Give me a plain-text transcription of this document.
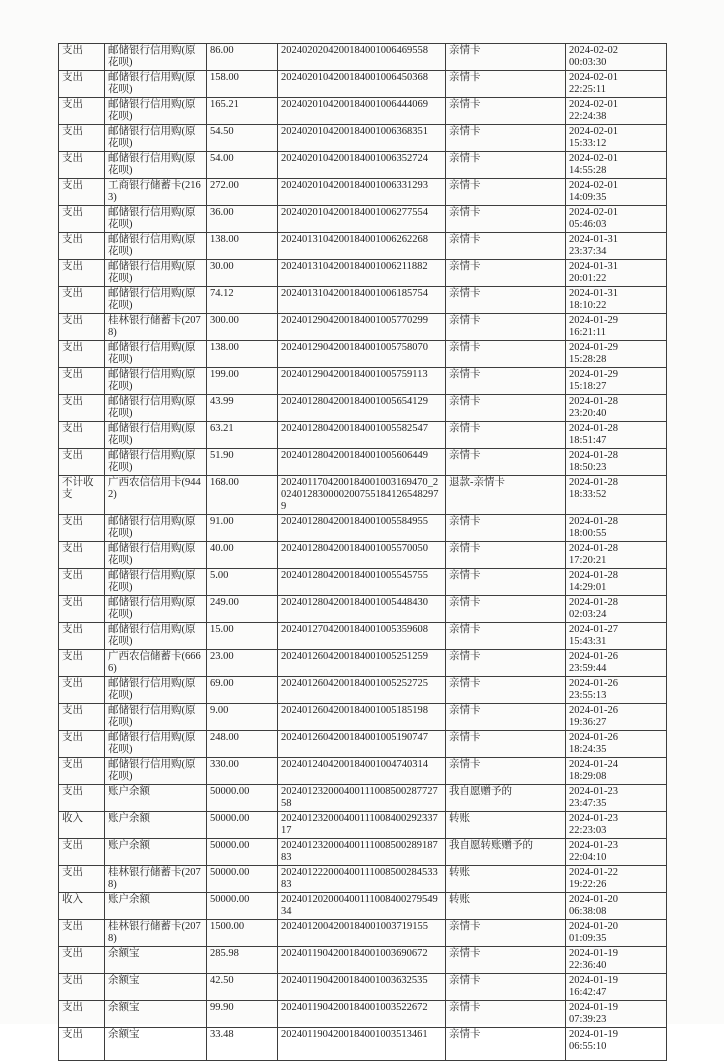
支出	邮储银行信用购(原花呗)	86.00	2024020204200184001006469558	亲情卡	2024-02-02
00:03:30

支出	邮储银行信用购(原花呗)	158.00	2024020104200184001006450368	亲情卡	2024-02-01
22:25:11

支出	邮储银行信用购(原花呗)	165.21	2024020104200184001006444069	亲情卡	2024-02-01
22:24:38

支出	邮储银行信用购(原花呗)	54.50	2024020104200184001006368351	亲情卡	2024-02-01
15:33:12

支出	邮储银行信用购(原花呗)	54.00	2024020104200184001006352724	亲情卡	2024-02-01
14:55:28

支出	工商银行储蓄卡(2163)	272.00	2024020104200184001006331293	亲情卡	2024-02-01
14:09:35

支出	邮储银行信用购(原花呗)	36.00	2024020104200184001006277554	亲情卡	2024-02-01
05:46:03

支出	邮储银行信用购(原花呗)	138.00	2024013104200184001006262268	亲情卡	2024-01-31
23:37:34

支出	邮储银行信用购(原花呗)	30.00	2024013104200184001006211882	亲情卡	2024-01-31
20:01:22

支出	邮储银行信用购(原花呗)	74.12	2024013104200184001006185754	亲情卡	2024-01-31
18:10:22

支出	桂林银行储蓄卡(2078)	300.00	2024012904200184001005770299	亲情卡	2024-01-29
16:21:11

支出	邮储银行信用购(原花呗)	138.00	2024012904200184001005758070	亲情卡	2024-01-29
15:28:28

支出	邮储银行信用购(原花呗)	199.00	2024012904200184001005759113	亲情卡	2024-01-29
15:18:27

支出	邮储银行信用购(原花呗)	43.99	2024012804200184001005654129	亲情卡	2024-01-28
23:20:40

支出	邮储银行信用购(原花呗)	63.21	2024012804200184001005582547	亲情卡	2024-01-28
18:51:47

支出	邮储银行信用购(原花呗)	51.90	2024012804200184001005606449	亲情卡	2024-01-28
18:50:23

不计收支	广西农信信用卡(9442)	168.00	2024011704200184001003169470_20240128300002007551841265482979	退款-亲情卡	2024-01-28
18:33:52

支出	邮储银行信用购(原花呗)	91.00	2024012804200184001005584955	亲情卡	2024-01-28
18:00:55

支出	邮储银行信用购(原花呗)	40.00	2024012804200184001005570050	亲情卡	2024-01-28
17:20:21

支出	邮储银行信用购(原花呗)	5.00	2024012804200184001005545755	亲情卡	2024-01-28
14:29:01

支出	邮储银行信用购(原花呗)	249.00	2024012804200184001005448430	亲情卡	2024-01-28
02:03:24

支出	邮储银行信用购(原花呗)	15.00	2024012704200184001005359608	亲情卡	2024-01-27
15:43:31

支出	广西农信储蓄卡(6666)	23.00	2024012604200184001005251259	亲情卡	2024-01-26
23:59:44

支出	邮储银行信用购(原花呗)	69.00	2024012604200184001005252725	亲情卡	2024-01-26
23:55:13

支出	邮储银行信用购(原花呗)	9.00	2024012604200184001005185198	亲情卡	2024-01-26
19:36:27

支出	邮储银行信用购(原花呗)	248.00	2024012604200184001005190747	亲情卡	2024-01-26
18:24:35

支出	邮储银行信用购(原花呗)	330.00	2024012404200184001004740314	亲情卡	2024-01-24
18:29:08

支出	账户余额	50000.00	20240123200040011100850028772758	我自愿赠予的	2024-01-23
23:47:35

收入	账户余额	50000.00	20240123200040011100840029233717	转账	2024-01-23
22:23:03

支出	账户余额	50000.00	20240123200040011100850028918783	我自愿转账赠予的	2024-01-23
22:04:10

支出	桂林银行储蓄卡(2078)	50000.00	20240122200040011100850028453383	转账	2024-01-22
19:22:26

收入	账户余额	50000.00	20240120200040011100840027954934	转账	2024-01-20
06:38:08

支出	桂林银行储蓄卡(2078)	1500.00	2024012004200184001003719155	亲情卡	2024-01-20
01:09:35

支出	余额宝	285.98	2024011904200184001003690672	亲情卡	2024-01-19
22:36:40

支出	余额宝	42.50	2024011904200184001003632535	亲情卡	2024-01-19
16:42:47

支出	余额宝	99.90	2024011904200184001003522672	亲情卡	2024-01-19
07:39:23

支出	余额宝	33.48	2024011904200184001003513461	亲情卡	2024-01-19
06:55:10
